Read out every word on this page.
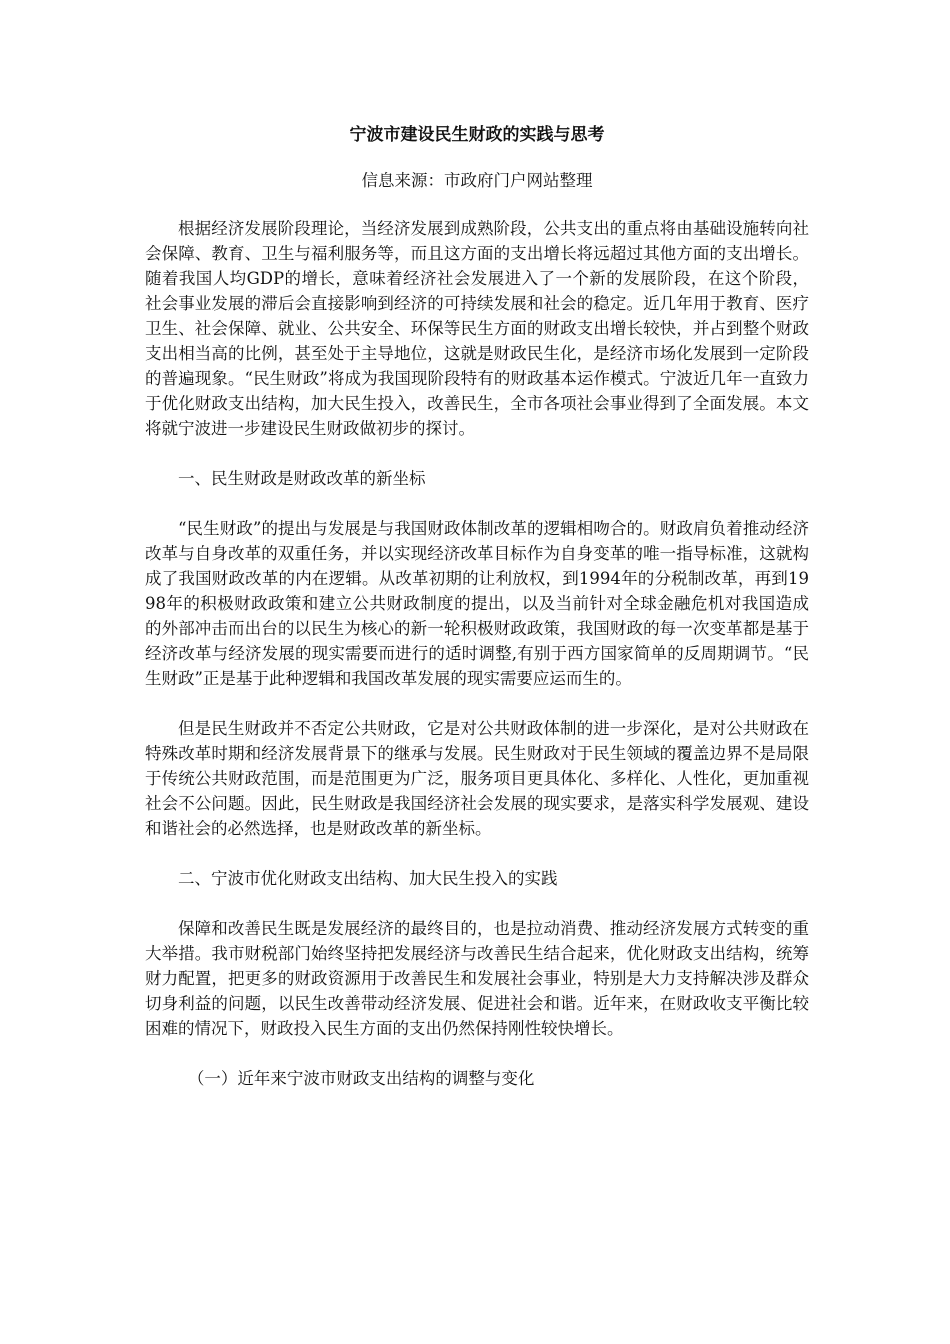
宁波市建设民生财政的实践与思考
信息来源：市政府门户网站整理

根据经济发展阶段理论，当经济发展到成熟阶段，公共支出的重点将由基础设施转向社会保障、教育、卫生与福利服务等，而且这方面的支出增长将远超过其他方面的支出增长。随着我国人均GDP的增长，意味着经济社会发展进入了一个新的发展阶段，在这个阶段，社会事业发展的滞后会直接影响到经济的可持续发展和社会的稳定。近几年用于教育、医疗卫生、社会保障、就业、公共安全、环保等民生方面的财政支出增长较快，并占到整个财政支出相当高的比例，甚至处于主导地位，这就是财政民生化，是经济市场化发展到一定阶段的普遍现象。“民生财政”将成为我国现阶段特有的财政基本运作模式。宁波近几年一直致力于优化财政支出结构，加大民生投入，改善民生，全市各项社会事业得到了全面发展。本文将就宁波进一步建设民生财政做初步的探讨。

一、民生财政是财政改革的新坐标

“民生财政”的提出与发展是与我国财政体制改革的逻辑相吻合的。财政肩负着推动经济改革与自身改革的双重任务，并以实现经济改革目标作为自身变革的唯一指导标准，这就构成了我国财政改革的内在逻辑。从改革初期的让利放权，到1994年的分税制改革，再到1998年的积极财政政策和建立公共财政制度的提出，以及当前针对全球金融危机对我国造成的外部冲击而出台的以民生为核心的新一轮积极财政政策，我国财政的每一次变革都是基于经济改革与经济发展的现实需要而进行的适时调整,有别于西方国家简单的反周期调节。“民生财政”正是基于此种逻辑和我国改革发展的现实需要应运而生的。

但是民生财政并不否定公共财政，它是对公共财政体制的进一步深化，是对公共财政在特殊改革时期和经济发展背景下的继承与发展。民生财政对于民生领域的覆盖边界不是局限于传统公共财政范围，而是范围更为广泛，服务项目更具体化、多样化、人性化，更加重视社会不公问题。因此，民生财政是我国经济社会发展的现实要求，是落实科学发展观、建设和谐社会的必然选择，也是财政改革的新坐标。

二、宁波市优化财政支出结构、加大民生投入的实践

保障和改善民生既是发展经济的最终目的，也是拉动消费、推动经济发展方式转变的重大举措。我市财税部门始终坚持把发展经济与改善民生结合起来，优化财政支出结构，统筹财力配置，把更多的财政资源用于改善民生和发展社会事业，特别是大力支持解决涉及群众切身利益的问题，以民生改善带动经济发展、促进社会和谐。近年来，在财政收支平衡比较困难的情况下，财政投入民生方面的支出仍然保持刚性较快增长。

（一）近年来宁波市财政支出结构的调整与变化
